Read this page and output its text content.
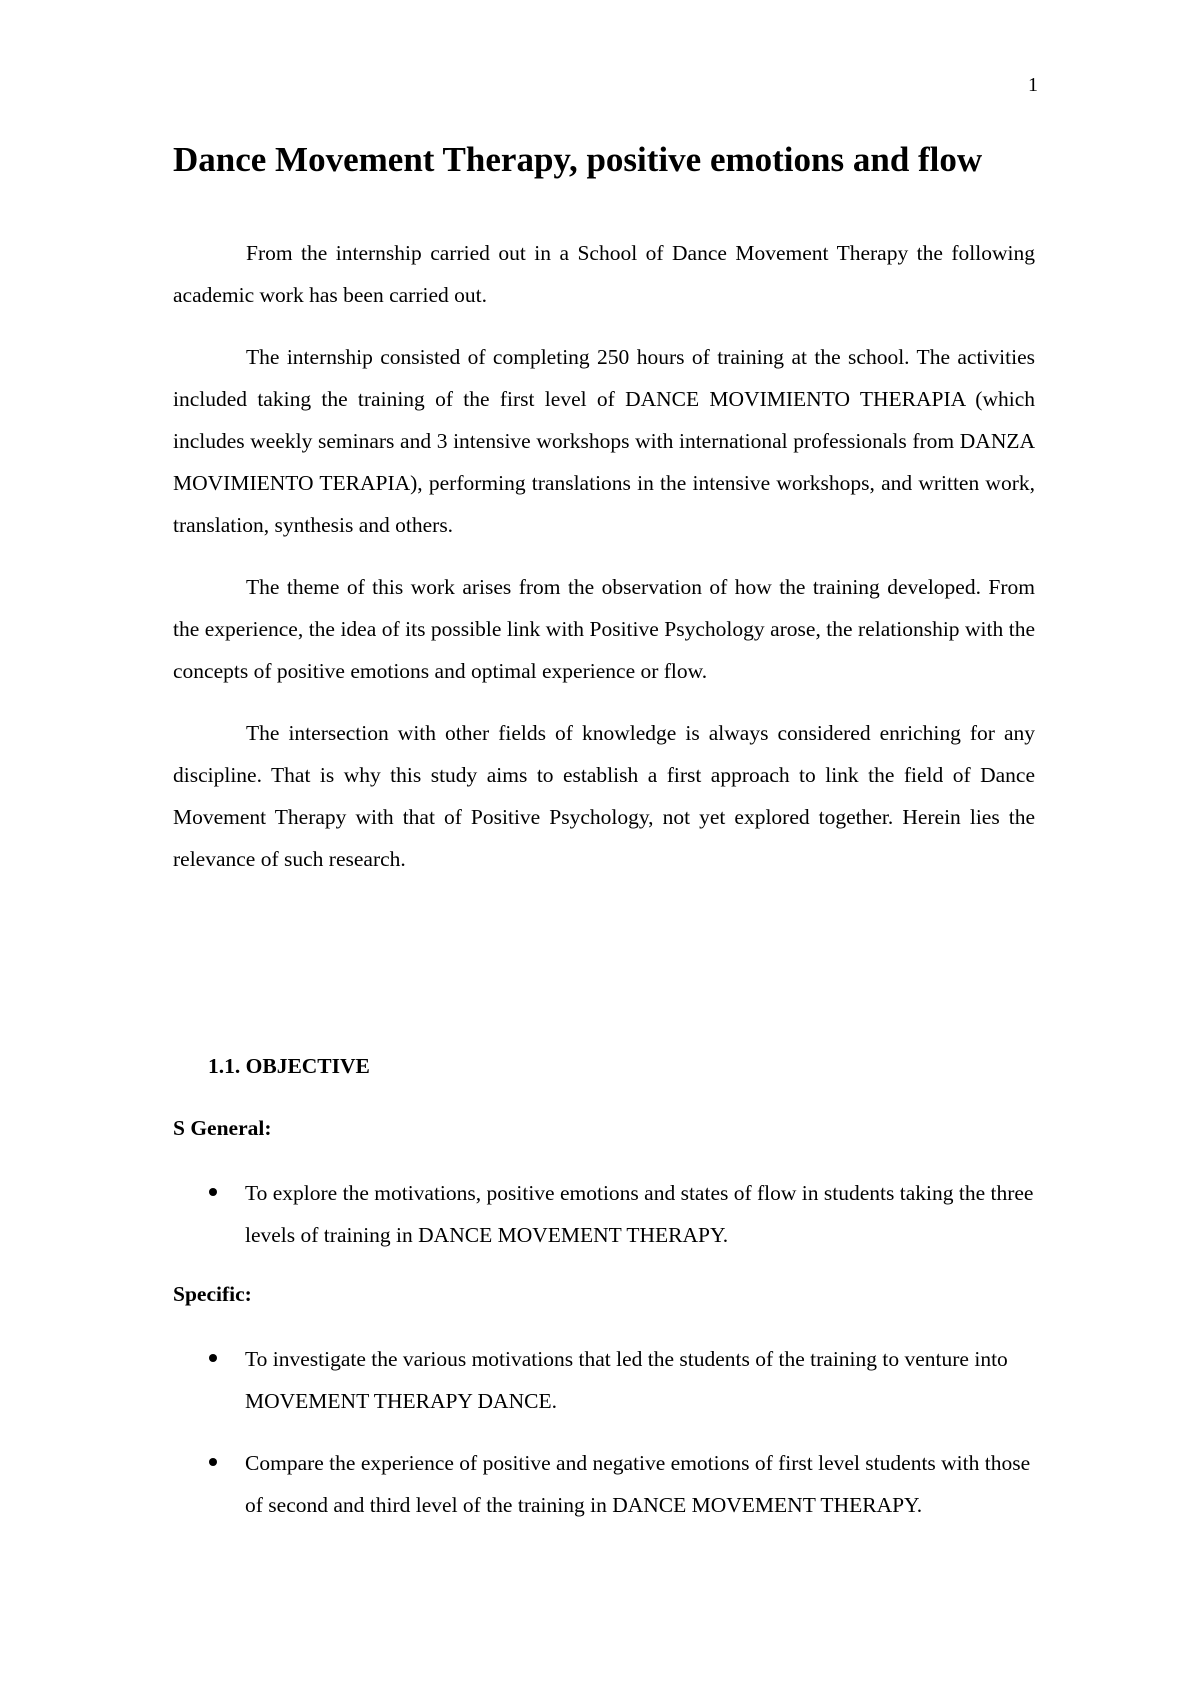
1
Dance Movement Therapy, positive emotions and flow

From the internship carried out in a School of Dance Movement Therapy the following academic work has been carried out.

The internship consisted of completing 250 hours of training at the school. The activities included taking the training of the first level of DANCE MOVIMIENTO THERAPIA (which includes weekly seminars and 3 intensive workshops with international professionals from DANZA MOVIMIENTO TERAPIA), performing translations in the intensive workshops, and written work, translation, synthesis and others.

The theme of this work arises from the observation of how the training developed. From the experience, the idea of its possible link with Positive Psychology arose, the relationship with the concepts of positive emotions and optimal experience or flow.

The intersection with other fields of knowledge is always considered enriching for any discipline. That is why this study aims to establish a first approach to link the field of Dance Movement Therapy with that of Positive Psychology, not yet explored together. Herein lies the relevance of such research.

1.1. OBJECTIVE
S General:
To explore the motivations, positive emotions and states of flow in students taking the three levels of training in DANCE MOVEMENT THERAPY.
Specific:
To investigate the various motivations that led the students of the training to venture into MOVEMENT THERAPY DANCE.
Compare the experience of positive and negative emotions of first level students with those of second and third level of the training in DANCE MOVEMENT THERAPY.
